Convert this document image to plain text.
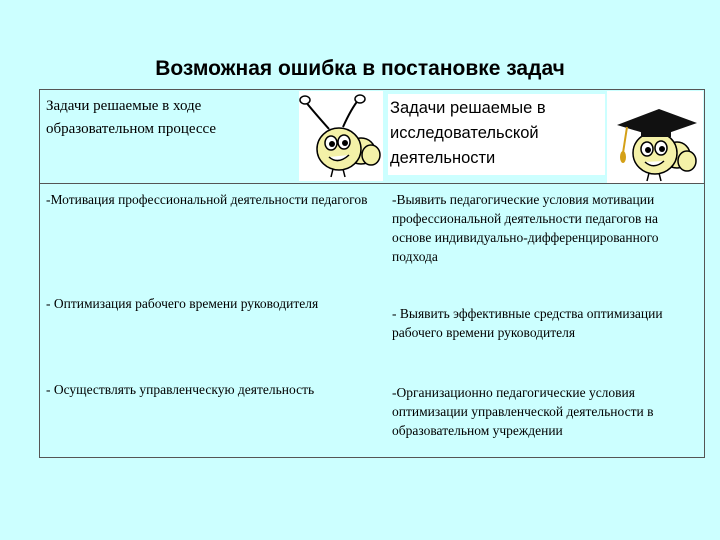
Возможная ошибка в постановке задач
Задачи решаемые в ходе образовательном процессе
Задачи решаемые в исследовательской деятельности
-Мотивация профессиональной деятельности педагогов	-Выявить педагогические условия мотивации профессиональной деятельности педагогов на основе индивидуально-дифференцированного подхода
- Оптимизация рабочего времени руководителя
- Выявить эффективные средства оптимизации рабочего времени руководителя
- Осуществлять управленческую деятельность	-Организационно педагогические условия оптимизации управленческой деятельности в образовательном учреждении
